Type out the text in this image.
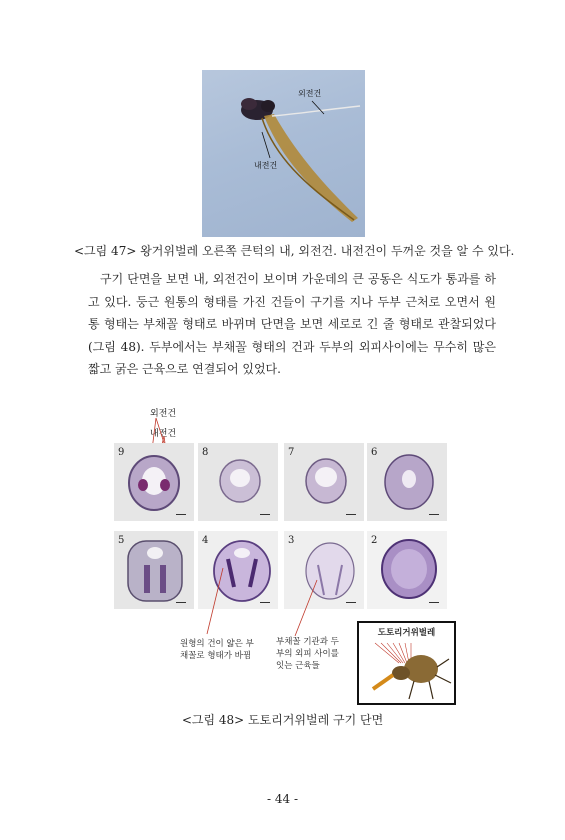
외전건
내전건
<그림 47> 왕거위벌레 오른쪽 큰턱의 내, 외전건. 내전건이 두꺼운 것을 알 수 있다.

구기 단면을 보면 내, 외전건이 보이며 가운데의 큰 공동은 식도가 통과를 하고 있다. 둥근 원통의 형태를 가진 건들이 구기를 지나 두부 근처로 오면서 원통 형태는 부채꼴 형태로 바뀌며 단면을 보면 세로로 긴 줄 형태로 관찰되었다(그림 48). 두부에서는 부채꼴 형태의 건과 두부의 외피사이에는 무수히 많은 짧고 굵은 근육으로 연결되어 있었다.

외전건
내전건
9	8	7	6
5	4	3	2
원형의 건이 얇은 부
채꼴로 형태가 바뀜
부채꼴 기관과 두
부의 외피 사이를
잇는 근육들
도토리거위벌레
<그림 48> 도토리거위벌레 구기 단면
- 44 -
